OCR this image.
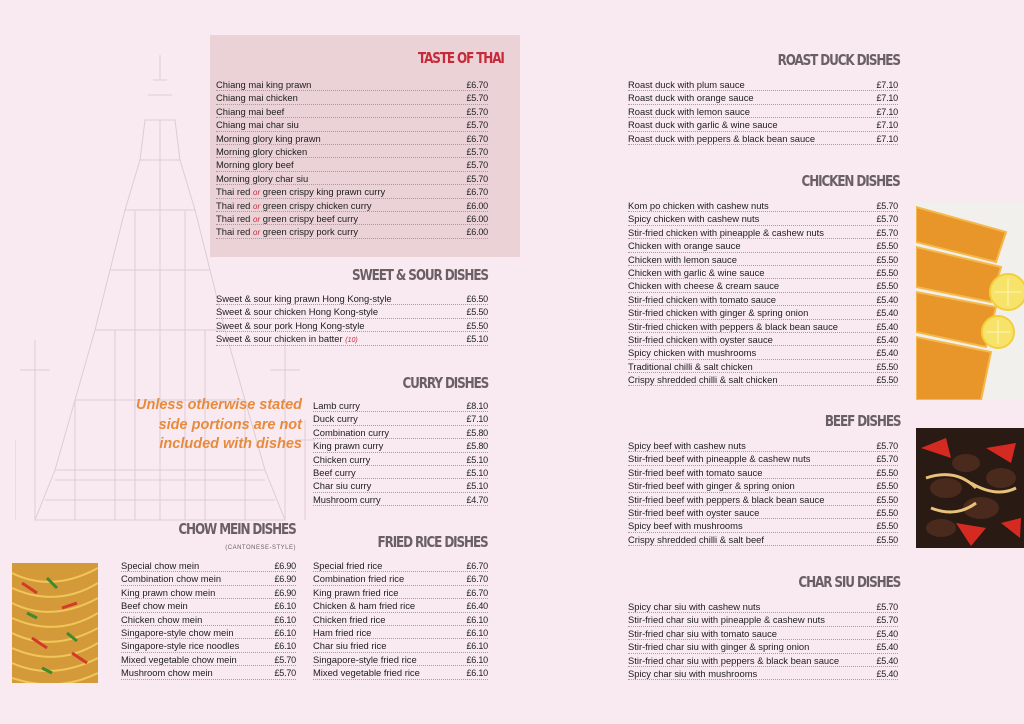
TASTE OF THAI
Chiang mai king prawn	£6.70
Chiang mai chicken	£5.70
Chiang mai beef	£5.70
Chiang mai char siu	£5.70
Morning glory king prawn	£6.70
Morning glory chicken	£5.70
Morning glory beef	£5.70
Morning glory char siu	£5.70
Thai red or green crispy king prawn curry	£6.70
Thai red or green crispy chicken curry	£6.00
Thai red or green crispy beef curry	£6.00
Thai red or green crispy pork curry	£6.00
SWEET & SOUR DISHES
Sweet & sour king prawn Hong Kong-style	£6.50
Sweet & sour chicken Hong Kong-style	£5.50
Sweet & sour pork Hong Kong-style	£5.50
Sweet & sour chicken in batter (10)	£5.10
CURRY DISHES
Lamb curry	£8.10
Duck curry	£7.10
Combination curry	£5.80
King prawn curry	£5.80
Chicken curry	£5.10
Beef curry	£5.10
Char siu curry	£5.10
Mushroom curry	£4.70
Unless otherwise stated
side portions are not
included with dishes
CHOW MEIN DISHES
(CANTONESE-STYLE)
Special chow mein	£6.90
Combination chow mein	£6.90
King prawn chow mein	£6.90
Beef chow mein	£6.10
Chicken chow mein	£6.10
Singapore-style chow mein	£6.10
Singapore-style rice noodles	£6.10
Mixed vegetable chow mein	£5.70
Mushroom chow mein	£5.70
FRIED RICE DISHES
Special fried rice	£6.70
Combination fried rice	£6.70
King prawn fried rice	£6.70
Chicken & ham fried rice	£6.40
Chicken fried rice	£6.10
Ham fried rice	£6.10
Char siu fried rice	£6.10
Singapore-style fried rice	£6.10
Mixed vegetable fried rice	£6.10
ROAST DUCK DISHES
Roast duck with plum sauce	£7.10
Roast duck with orange sauce	£7.10
Roast duck with lemon sauce	£7.10
Roast duck with garlic & wine sauce	£7.10
Roast duck with peppers & black bean sauce	£7.10
CHICKEN DISHES
Kom po chicken with cashew nuts	£5.70
Spicy chicken with cashew nuts	£5.70
Stir-fried chicken with pineapple & cashew nuts	£5.70
Chicken with orange sauce	£5.50
Chicken with lemon sauce	£5.50
Chicken with garlic & wine sauce	£5.50
Chicken with cheese & cream sauce	£5.50
Stir-fried chicken with tomato sauce	£5.40
Stir-fried chicken with ginger & spring onion	£5.40
Stir-fried chicken with peppers & black bean sauce	£5.40
Stir-fried chicken with oyster sauce	£5.40
Spicy chicken with mushrooms	£5.40
Traditional chilli & salt chicken	£5.50
Crispy shredded chilli & salt chicken	£5.50
BEEF DISHES
Spicy beef with cashew nuts	£5.70
Stir-fried beef with pineapple & cashew nuts	£5.70
Stir-fried beef with tomato sauce	£5.50
Stir-fried beef with ginger & spring onion	£5.50
Stir-fried beef with peppers & black bean sauce	£5.50
Stir-fried beef with oyster sauce	£5.50
Spicy beef with mushrooms	£5.50
Crispy shredded chilli & salt beef	£5.50
CHAR SIU DISHES
Spicy char siu with cashew nuts	£5.70
Stir-fried char siu with pineapple & cashew nuts	£5.70
Stir-fried char siu with tomato sauce	£5.40
Stir-fried char siu with ginger & spring onion	£5.40
Stir-fried char siu with peppers & black bean sauce	£5.40
Spicy char siu with mushrooms	£5.40
